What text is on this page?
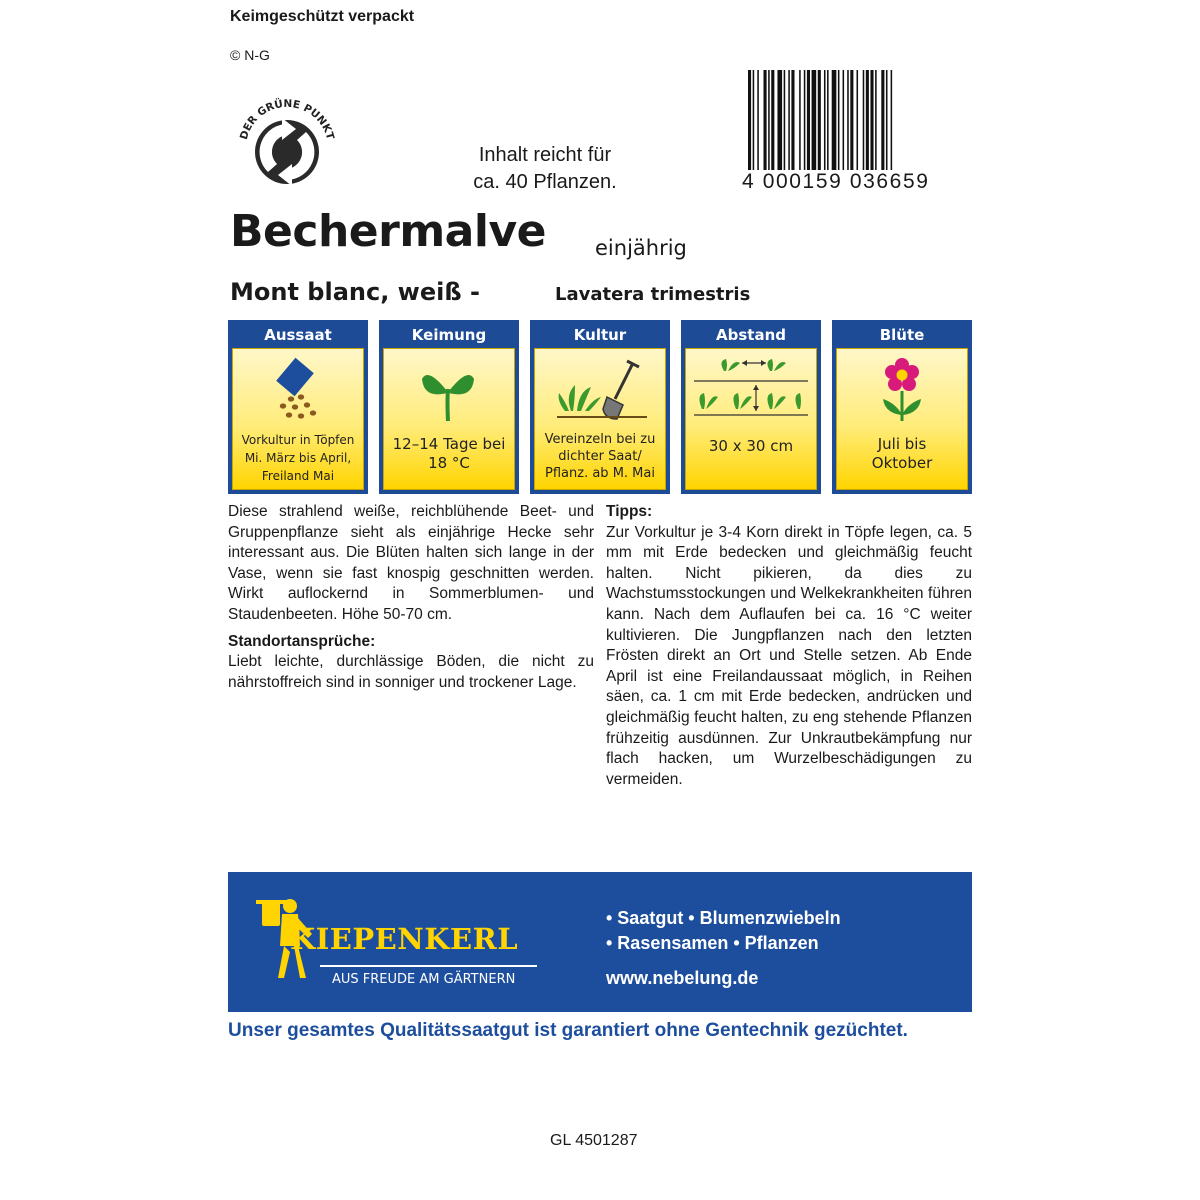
Keimgeschützt verpackt
© N-G
DER GRÜNE PUNKT
Inhalt reicht für
ca. 40 Pflanzen.	4 000159 036659
Bechermalve einjährig
Mont blanc, weiß -	Lavatera trimestris
Aussaat
Vorkultur in Töpfen
Mi. März bis April,
Freiland Mai
Keimung
12–14 Tage bei
18 °C
Kultur
Vereinzeln bei zu
dichter Saat/
Pflanz. ab M. Mai
Abstand
30 x 30 cm
Blüte
Juli bis
Oktober

Diese strahlend weiße, reichblühende Beet- und Gruppenpflanze sieht als einjährige Hecke sehr interessant aus. Die Blüten halten sich lange in der Vase, wenn sie fast knospig geschnitten werden. Wirkt auflockernd in Sommerblumen- und Staudenbeeten. Höhe 50-70 cm.

Standortansprüche:

Liebt leichte, durchlässige Böden, die nicht zu nährstoffreich sind in sonniger und trockener Lage.

Tipps:

Zur Vorkultur je 3-4 Korn direkt in Töpfe legen, ca. 5 mm mit Erde bedecken und gleichmäßig feucht halten. Nicht pikieren, da dies zu Wachstumsstockungen und Welkekrankheiten führen kann. Nach dem Auflaufen bei ca. 16 °C weiter kultivieren. Die Jungpflanzen nach den letzten Frösten direkt an Ort und Stelle setzen. Ab Ende April ist eine Freilandaussaat möglich, in Reihen säen, ca. 1 cm mit Erde bedecken, andrücken und gleichmäßig feucht halten, zu eng stehende Pflanzen frühzeitig ausdünnen. Zur Unkrautbekämpfung nur flach hacken, um Wurzelbeschädigungen zu vermeiden.

KIEPENKERL
AUS FREUDE AM GÄRTNERN
• Saatgut • Blumenzwiebeln
• Rasensamen • Pflanzen
www.nebelung.de
Unser gesamtes Qualitätssaatgut ist garantiert ohne Gentechnik gezüchtet.
GL 4501287
